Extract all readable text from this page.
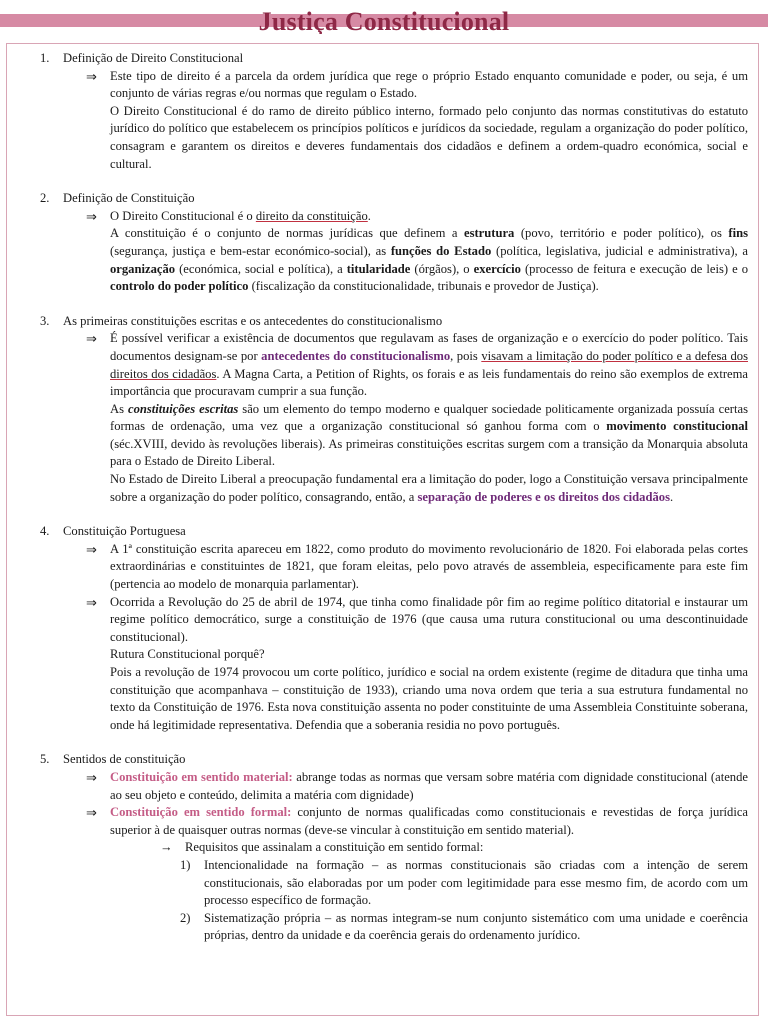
Justiça Constitucional
1. Definição de Direito Constitucional
⇒ Este tipo de direito é a parcela da ordem jurídica que rege o próprio Estado enquanto comunidade e poder, ou seja, é um conjunto de várias regras e/ou normas que regulam o Estado.
O Direito Constitucional é do ramo de direito público interno, formado pelo conjunto das normas constitutivas do estatuto jurídico do político que estabelecem os princípios políticos e jurídicos da sociedade, regulam a organização do poder político, consagram e garantem os direitos e deveres fundamentais dos cidadãos e definem a ordem-quadro económica, social e cultural.
2. Definição de Constituição
⇒ O Direito Constitucional é o direito da constituição.
A constituição é o conjunto de normas jurídicas que definem a estrutura (povo, território e poder político), os fins (segurança, justiça e bem-estar económico-social), as funções do Estado (política, legislativa, judicial e administrativa), a organização (económica, social e política), a titularidade (órgãos), o exercício (processo de feitura e execução de leis) e o controlo do poder político (fiscalização da constitucionalidade, tribunais e provedor de Justiça).
3. As primeiras constituições escritas e os antecedentes do constitucionalismo
⇒ É possível verificar a existência de documentos que regulavam as fases de organização e o exercício do poder político. Tais documentos designam-se por antecedentes do constitucionalismo, pois visavam a limitação do poder político e a defesa dos direitos dos cidadãos. A Magna Carta, a Petition of Rights, os forais e as leis fundamentais do reino são exemplos de extrema importância que procuravam cumprir a sua função.
As constituições escritas são um elemento do tempo moderno e qualquer sociedade politicamente organizada possuía certas formas de ordenação, uma vez que a organização constitucional só ganhou forma com o movimento constitucional (séc.XVIII, devido às revoluções liberais). As primeiras constituições escritas surgem com a transição da Monarquia absoluta para o Estado de Direito Liberal.
No Estado de Direito Liberal a preocupação fundamental era a limitação do poder, logo a Constituição versava principalmente sobre a organização do poder político, consagrando, então, a separação de poderes e os direitos dos cidadãos.
4. Constituição Portuguesa
⇒ A 1ª constituição escrita apareceu em 1822, como produto do movimento revolucionário de 1820. Foi elaborada pelas cortes extraordinárias e constituintes de 1821, que foram eleitas, pelo povo através de assembleia, especificamente para este fim (pertencia ao modelo de monarquia parlamentar).
⇒ Ocorrida a Revolução do 25 de abril de 1974, que tinha como finalidade pôr fim ao regime político ditatorial e instaurar um regime político democrático, surge a constituição de 1976 (que causa uma rutura constitucional ou uma descontinuidade constitucional).
Rutura Constitucional porquê?
Pois a revolução de 1974 provocou um corte político, jurídico e social na ordem existente (regime de ditadura que tinha uma constituição que acompanhava – constituição de 1933), criando uma nova ordem que teria a sua estrutura fundamental no texto da Constituição de 1976. Esta nova constituição assenta no poder constituinte de uma Assembleia Constituinte soberana, onde há legitimidade representativa. Defendia que a soberania residia no povo português.
5. Sentidos de constituição
⇒ Constituição em sentido material: abrange todas as normas que versam sobre matéria com dignidade constitucional (atende ao seu objeto e conteúdo, delimita a matéria com dignidade)
⇒ Constituição em sentido formal: conjunto de normas qualificadas como constitucionais e revestidas de força jurídica superior à de quaisquer outras normas (deve-se vincular à constituição em sentido material).
→ Requisitos que assinalam a constituição em sentido formal:
1) Intencionalidade na formação – as normas constitucionais são criadas com a intenção de serem constitucionais, são elaboradas por um poder com legitimidade para esse mesmo fim, de acordo com um processo específico de formação.
2) Sistematização própria – as normas integram-se num conjunto sistemático com uma unidade e coerência próprias, dentro da unidade e da coerência gerais do ordenamento jurídico.
